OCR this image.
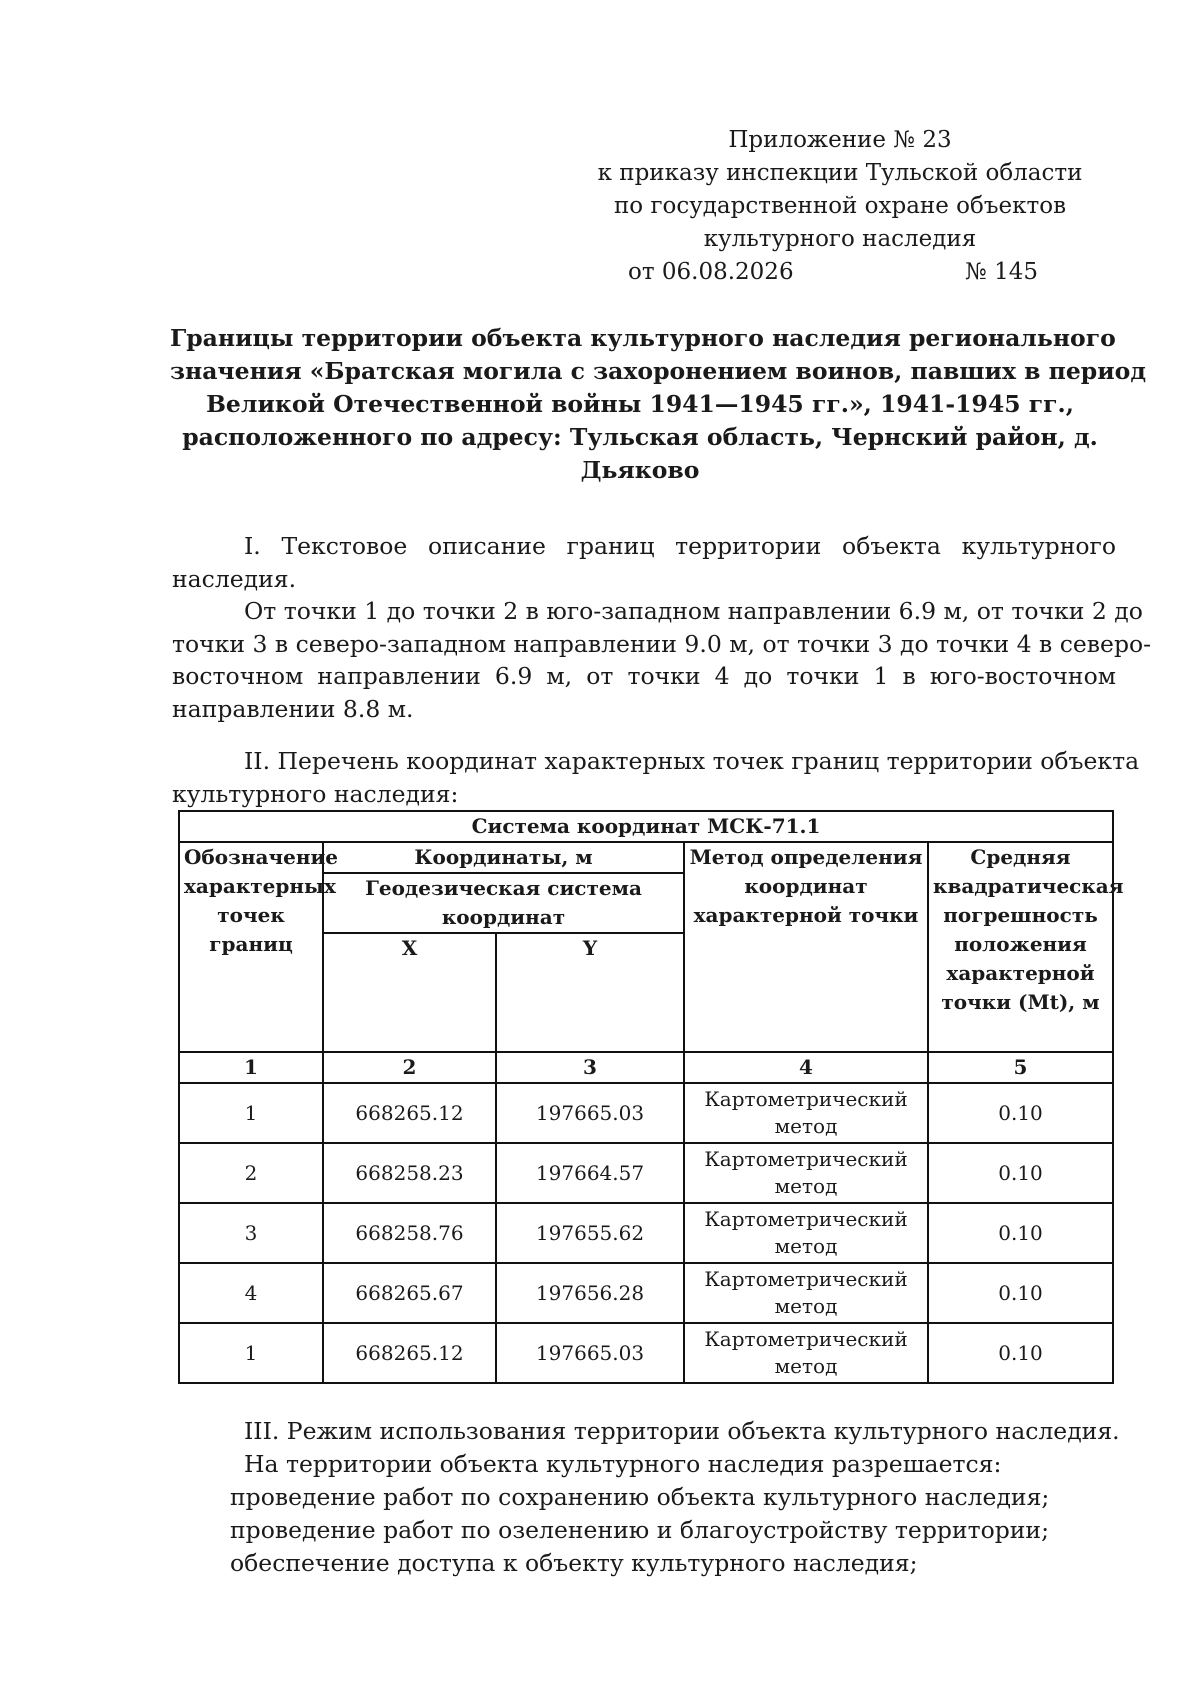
Приложение № 23
к приказу инспекции Тульской области
по государственной охране объектов
культурного наследия
от 06.08.2026	№ 145
Границы территории объекта культурного наследия регионального
значения «Братская могила с захоронением воинов, павших в период
Великой Отечественной войны 1941—1945 гг.», 1941-1945 гг.,
расположенного по адресу: Тульская область, Чернский район, д.
Дьяково
I. Текстовое описание границ территории объекта культурного
наследия.
От точки 1 до точки 2 в юго-западном направлении 6.9 м, от точки 2 до
точки 3 в северо-западном направлении 9.0 м, от точки 3 до точки 4 в северо-
восточном направлении 6.9 м, от точки 4 до точки 1 в юго-восточном
направлении 8.8 м.
II. Перечень координат характерных точек границ территории объекта
культурного наследия:
Система координат МСК-71.1				
Обозначение характерных точек границ	Координаты, м		Метод определения координат характерной точки	Средняя квадратическая погрешность положения характерной точки (Mt), м
	Геодезическая система координат			
	X	Y		
1	2	3	4	5
1	668265.12	197665.03	Картометрический метод	0.10
2	668258.23	197664.57	Картометрический метод	0.10
3	668258.76	197655.62	Картометрический метод	0.10
4	668265.67	197656.28	Картометрический метод	0.10
1	668265.12	197665.03	Картометрический метод	0.10
III. Режим использования территории объекта культурного наследия.
На территории объекта культурного наследия разрешается:
проведение работ по сохранению объекта культурного наследия;
проведение работ по озеленению и благоустройству территории;
обеспечение доступа к объекту культурного наследия;
